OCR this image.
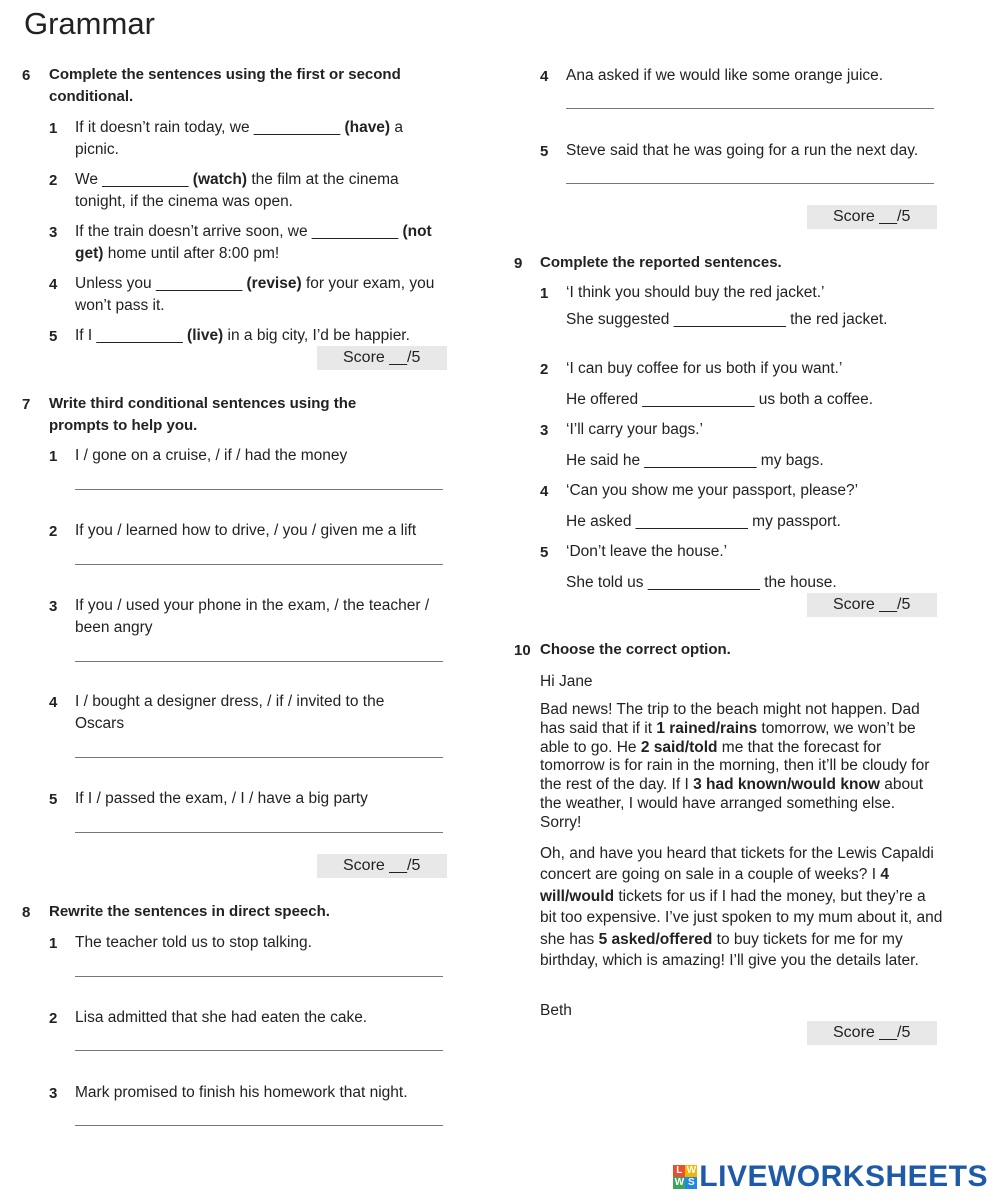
Grammar
6 Complete the sentences using the first or second conditional.
1 If it doesn’t rain today, we __________ (have) a picnic.
2 We __________ (watch) the film at the cinema tonight, if the cinema was open.
3 If the train doesn’t arrive soon, we __________ (not get) home until after 8:00 pm!
4 Unless you __________ (revise) for your exam, you won’t pass it.
5 If I __________ (live) in a big city, I’d be happier.
Score __/5
7 Write third conditional sentences using the prompts to help you.
1 I / gone on a cruise, / if / had the money
2 If you / learned how to drive, / you / given me a lift
3 If you / used your phone in the exam, / the teacher / been angry
4 I / bought a designer dress, / if / invited to the Oscars
5 If I / passed the exam, / I / have a big party
Score __/5
8 Rewrite the sentences in direct speech.
1 The teacher told us to stop talking.
2 Lisa admitted that she had eaten the cake.
3 Mark promised to finish his homework that night.
4 Ana asked if we would like some orange juice.
5 Steve said that he was going for a run the next day.
Score __/5
9 Complete the reported sentences.
1 ‘I think you should buy the red jacket.’
She suggested _____________ the red jacket.
2 ‘I can buy coffee for us both if you want.’
He offered _____________ us both a coffee.
3 ‘I’ll carry your bags.’
He said he _____________ my bags.
4 ‘Can you show me your passport, please?’
He asked _____________ my passport.
5 ‘Don’t leave the house.’
She told us _____________ the house.
Score __/5
10 Choose the correct option.
Hi Jane
Bad news! The trip to the beach might not happen. Dad has said that if it 1 rained/rains tomorrow, we won’t be able to go. He 2 said/told me that the forecast for tomorrow is for rain in the morning, then it’ll be cloudy for the rest of the day. If I 3 had known/would know about the weather, I would have arranged something else. Sorry!
Oh, and have you heard that tickets for the Lewis Capaldi concert are going on sale in a couple of weeks? I 4 will/would tickets for us if I had the money, but they’re a bit too expensive. I’ve just spoken to my mum about it, and she has 5 asked/offered to buy tickets for me for my birthday, which is amazing! I’ll give you the details later.
Beth
Score __/5
L W
W S LIVEWORKSHEETS
